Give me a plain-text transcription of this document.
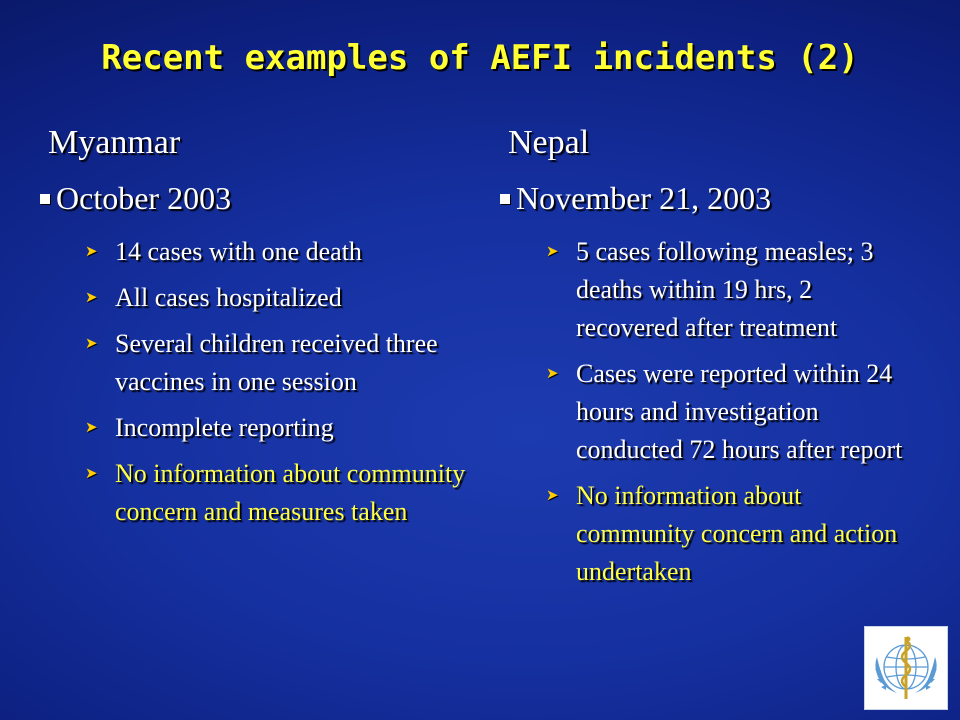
Recent examples of AEFI incidents (2)
Myanmar	Nepal
October 2003
➤ 14 cases with one death
➤ All cases hospitalized
➤ Several children received three vaccines in one session
➤ Incomplete reporting
➤ No information about community concern and measures taken
November 21, 2003
➤ 5 cases following measles; 3 deaths within 19 hrs, 2 recovered after treatment
➤ Cases were reported within 24 hours and investigation conducted 72 hours after report
➤ No information about community concern and action undertaken
